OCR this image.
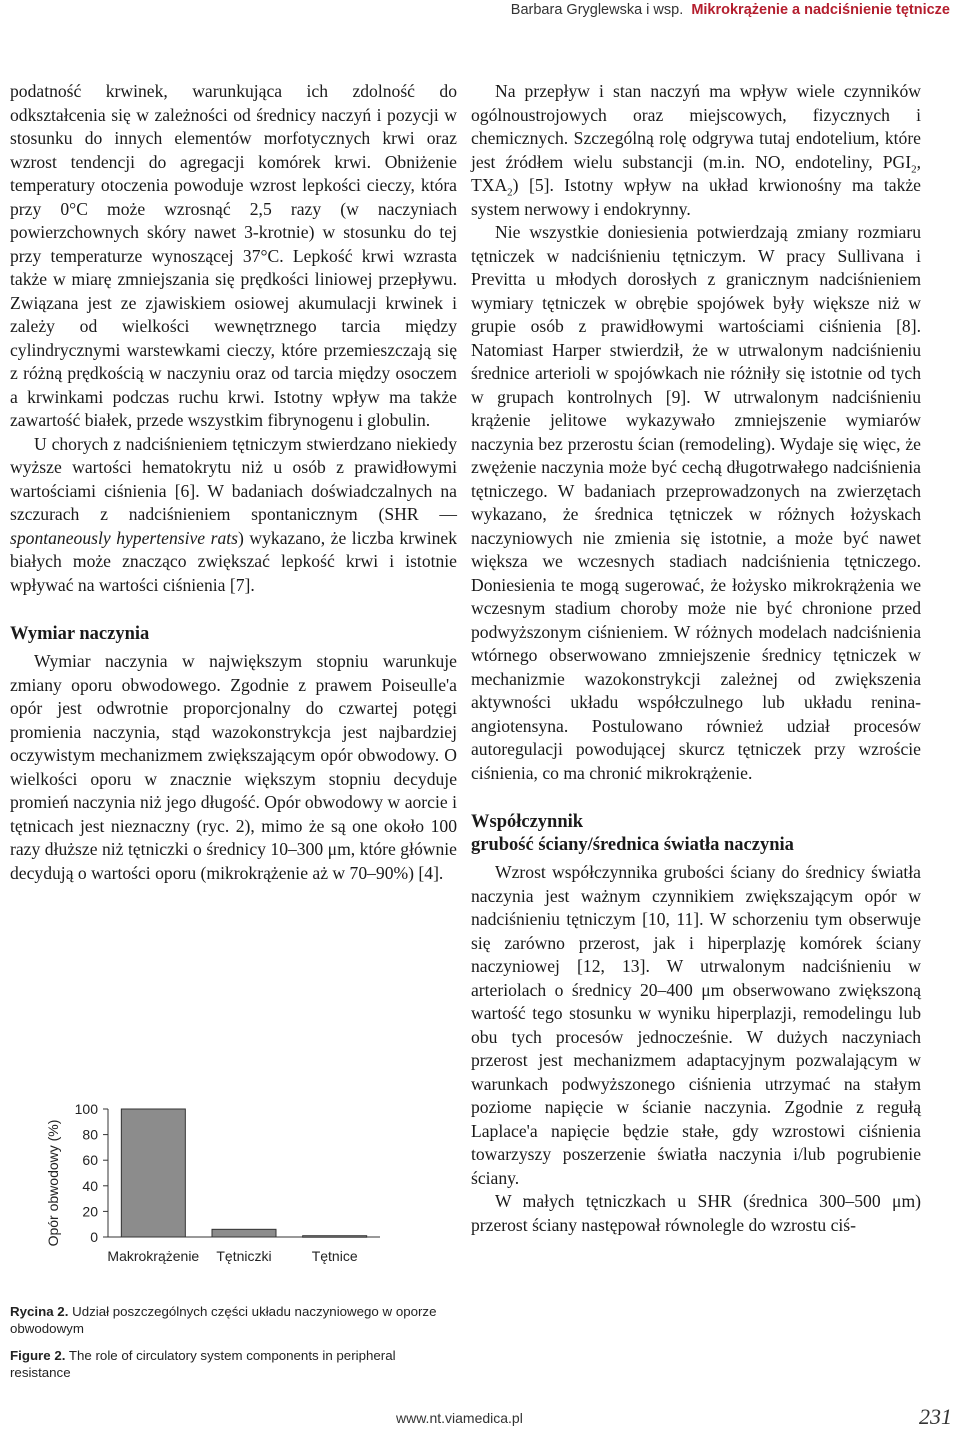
Barbara Gryglewska i wsp. Mikrokrążenie a nadciśnienie tętnicze

podatność krwinek, warunkująca ich zdolność do odkształcenia się w zależności od średnicy naczyń i pozycji w stosunku do innych elementów morfotycznych krwi oraz wzrost tendencji do agregacji komórek krwi. Obniżenie temperatury otoczenia powoduje wzrost lepkości cieczy, która przy 0°C może wzrosnąć 2,5 razy (w naczyniach powierzchownych skóry nawet 3-krotnie) w stosunku do tej przy temperaturze wynoszącej 37°C. Lepkość krwi wzrasta także w miarę zmniejszania się prędkości liniowej przepływu. Związana jest ze zjawiskiem osiowej akumulacji krwinek i zależy od wielkości wewnętrznego tarcia między cylindrycznymi warstewkami cieczy, które przemieszczają się z różną prędkością w naczyniu oraz od tarcia między osoczem a krwinkami podczas ruchu krwi. Istotny wpływ ma także zawartość białek, przede wszystkim fibrynogenu i globulin.

U chorych z nadciśnieniem tętniczym stwierdzano niekiedy wyższe wartości hematokrytu niż u osób z prawidłowymi wartościami ciśnienia [6]. W badaniach doświadczalnych na szczurach z nadciśnieniem spontanicznym (SHR — spontaneously hypertensive rats) wykazano, że liczba krwinek białych może znacząco zwiększać lepkość krwi i istotnie wpływać na wartości ciśnienia [7].

Wymiar naczynia

Wymiar naczynia w największym stopniu warunkuje zmiany oporu obwodowego. Zgodnie z prawem Poiseulle'a opór jest odwrotnie proporcjonalny do czwartej potęgi promienia naczynia, stąd wazokonstrykcja jest najbardziej oczywistym mechanizmem zwiększającym opór obwodowy. O wielkości oporu w znacznie większym stopniu decyduje promień naczynia niż jego długość. Opór obwodowy w aorcie i tętnicach jest nieznaczny (ryc. 2), mimo że są one około 100 razy dłuższe niż tętniczki o średnicy 10–300 μm, które głównie decydują o wartości oporu (mikrokrążenie aż w 70–90%) [4].

Opór obwodowy (%) 0
20
40
60
80
100
Makrokrążenie Tętniczki	Tętnice
Rycina 2. Udział poszczególnych części układu naczyniowego w oporze obwodowym
Figure 2. The role of circulatory system components in peripheral resistance

Na przepływ i stan naczyń ma wpływ wiele czynników ogólnoustrojowych oraz miejscowych, fizycznych i chemicznych. Szczególną rolę odgrywa tutaj endotelium, które jest źródłem wielu substancji (m.in. NO, endoteliny, $PGI_2$, $TXA_2$) [5]. Istotny wpływ na układ krwionośny ma także system nerwowy i endokrynny.

Nie wszystkie doniesienia potwierdzają zmiany rozmiaru tętniczek w nadciśnieniu tętniczym. W pracy Sullivana i Previtta u młodych dorosłych z granicznym nadciśnieniem wymiary tętniczek w obrębie spojówek były większe niż w grupie osób z prawidłowymi wartościami ciśnienia [8]. Natomiast Harper stwierdził, że w utrwalonym nadciśnieniu średnice arterioli w spojówkach nie różniły się istotnie od tych w grupach kontrolnych [9]. W utrwalonym nadciśnieniu krążenie jelitowe wykazywało zmniejszenie wymiarów naczynia bez przerostu ścian (remodeling). Wydaje się więc, że zwężenie naczynia może być cechą długotrwałego nadciśnienia tętniczego. W badaniach przeprowadzonych na zwierzętach wykazano, że średnica tętniczek w różnych łożyskach naczyniowych nie zmienia się istotnie, a może być nawet większa we wczesnych stadiach nadciśnienia tętniczego. Doniesienia te mogą sugerować, że łożysko mikrokrążenia we wczesnym stadium choroby może nie być chronione przed podwyższonym ciśnieniem. W różnych modelach nadciśnienia wtórnego obserwowano zmniejszenie średnicy tętniczek w mechanizmie wazokonstrykcji zależnej od zwiększenia aktywności układu współczulnego lub układu renina-angiotensyna. Postulowano również udział procesów autoregulacji powodującej skurcz tętniczek przy wzroście ciśnienia, co ma chronić mikrokrążenie.

Współczynnik
grubość ściany/średnica światła naczynia

Wzrost współczynnika grubości ściany do średnicy światła naczynia jest ważnym czynnikiem zwiększającym opór w nadciśnieniu tętniczym [10, 11]. W schorzeniu tym obserwuje się zarówno przerost, jak i hiperplazję komórek ściany naczyniowej [12, 13]. W utrwalonym nadciśnieniu w arteriolach o średnicy 20–400 μm obserwowano zwiększoną wartość tego stosunku w wyniku hiperplazji, remodelingu lub obu tych procesów jednocześnie. W dużych naczyniach przerost jest mechanizmem adaptacyjnym pozwalającym w warunkach podwyższonego ciśnienia utrzymać na stałym poziome napięcie w ścianie naczynia. Zgodnie z regułą Laplace'a napięcie będzie stałe, gdy wzrostowi ciśnienia towarzyszy poszerzenie światła naczynia i/lub pogrubienie ściany.

W małych tętniczkach u SHR (średnica 300–500 μm) przerost ściany następował równolegle do wzrostu ciś-

www.nt.viamedica.pl	231
